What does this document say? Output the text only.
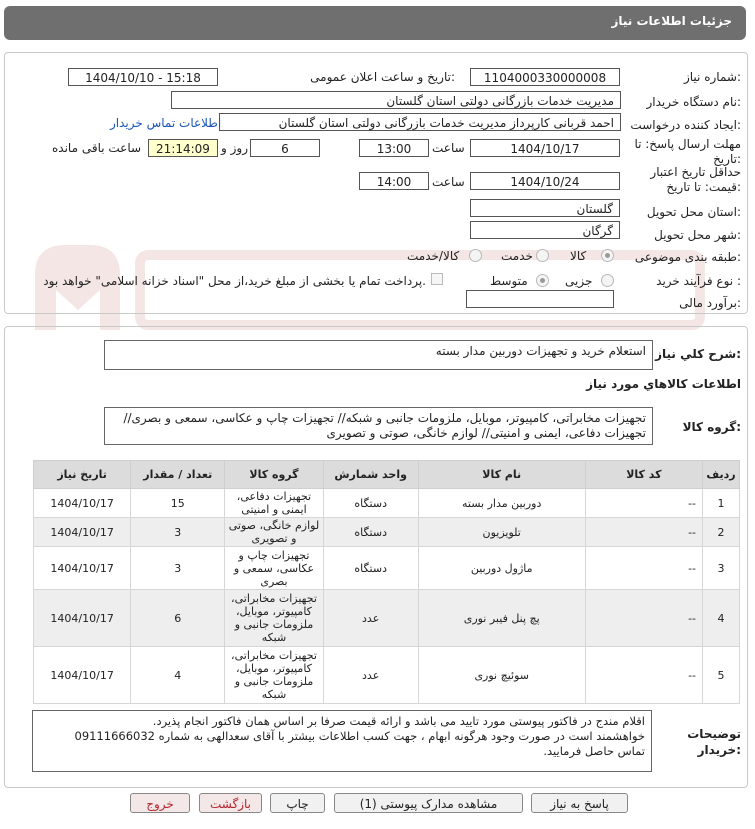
جزئیات اطلاعات نیاز
شماره نیاز:
1104000330000008
تاریخ و ساعت اعلان عمومی:
1404/10/10 - 15:18
نام دستگاه خریدار:
مدیریت خدمات بازرگانی دولتی استان گلستان
ایجاد کننده درخواست:
احمد قربانی کارپرداز مدیریت خدمات بازرگانی دولتی استان گلستان
اطلاعات تماس خریدار
مهلت ارسال پاسخ: تا
تاریخ:
1404/10/17
ساعت
13:00
6
روز و
21:14:09
ساعت باقی مانده
حداقل تاریخ اعتبار
قیمت: تا تاریخ:
1404/10/24
ساعت
14:00
استان محل تحویل:
گلستان
شهر محل تحویل:
گرگان
طبقه بندی موضوعی:
کالا
خدمت
کالا/خدمت
نوع فرآیند خرید :
جزیی
متوسط
پرداخت تمام یا بخشی از مبلغ خرید،از محل "اسناد خزانه اسلامی" خواهد بود.
برآورد مالی:
شرح کلي نياز:
استعلام خرید و تجهیزات دوربین مدار بسته
اطلاعات کالاهاي مورد نياز
گروه کالا:
تجهیزات مخابراتی، کامپیوتر، موبایل، ملزومات جانبی و شبکه// تجهیزات چاپ و عکاسی، سمعی و بصری//
تجهیزات دفاعی، ایمنی و امنیتی// لوازم خانگی، صوتی و تصویری
ردیف	کد کالا	نام کالا	واحد شمارش	گروه کالا	تعداد / مقدار	تاریخ نیاز
1	--	دوربین مدار بسته	دستگاه	تجهیزات دفاعی، ایمنی و امنیتی	15	1404/10/17
2	--	تلویزیون	دستگاه	لوازم خانگی، صوتی و تصویری	3	1404/10/17
3	--	ماژول دوربین	دستگاه	تجهیزات چاپ و عکاسی، سمعی و بصری	3	1404/10/17
4	--	پچ پنل فیبر نوری	عدد	تجهیزات مخابراتی، کامپیوتر، موبایل، ملزومات جانبی و شبکه	6	1404/10/17
5	--	سوئیچ نوری	عدد	تجهیزات مخابراتی، کامپیوتر، موبایل، ملزومات جانبی و شبکه	4	1404/10/17
توضیحات
خریدار:
اقلام مندج در فاکتور پیوستی مورد تایید می باشد و ارائه قیمت صرفا بر اساس همان فاکتور انجام پذیرد.
خواهشمند است در صورت وجود هرگونه ابهام ، جهت کسب اطلاعات بیشتر با آقای سعدالهی به شماره 09111666032
تماس حاصل فرمایید.
پاسخ به نیاز
مشاهده مدارک پیوستی (1)
چاپ
بازگشت
خروج
